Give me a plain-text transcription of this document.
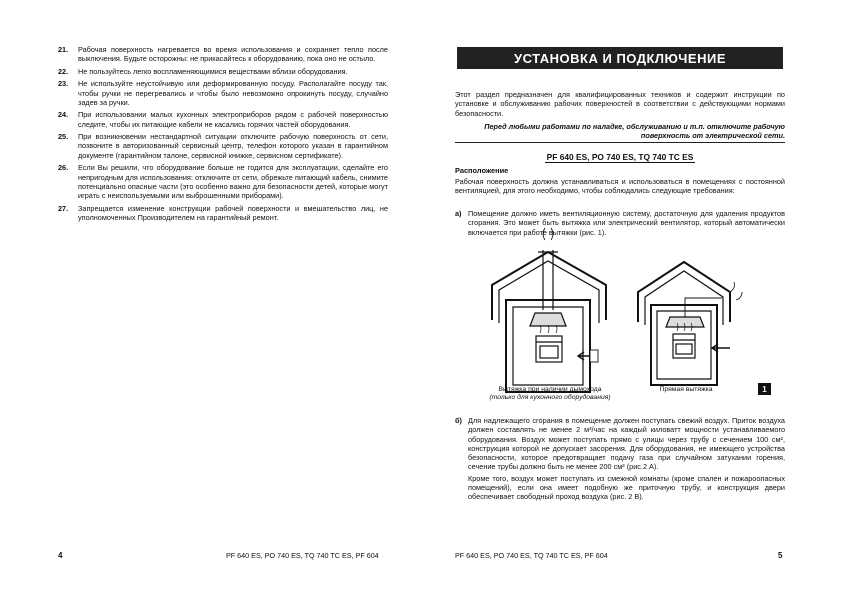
21. Рабочая поверхность нагревается во время использования и сохраняет тепло после выключения. Будьте осторожны: не прикасайтесь к оборудованию, пока оно не остыло.
22. Не пользуйтесь легко воспламеняющимися веществами вблизи оборудования.
23. Не используйте неустойчивую или деформированную посуду. Располагайте посуду так, чтобы ручки не перегревались и чтобы было невозможно опрокинуть посуду, случайно задев за ручки.
24. При использовании малых кухонных электроприборов рядом с рабочей поверхностью следите, чтобы их питающие кабели не касались горячих частей оборудования.
25. При возникновении нестандартной ситуации отключите рабочую поверхность от сети, позвоните в авторизованный сервисный центр, телефон которого указан в гарантийном документе (гарантийном талоне, сервисной книжке, сервисном сертификате).
26. Если Вы решили, что оборудование больше не годится для эксплуатации, сделайте его непригодным для использования: отключите от сети, обрежьте питающий кабель, снимите потенциально опасные части (это особенно важно для безопасности детей, которые могут играть с неиспользуемыми или выброшенными приборами).
27. Запрещается изменение конструкции рабочей поверхности и вмешательство лиц, не уполномоченных Производителем на гарантийный ремонт.
4	PF 640 ES, PO 740 ES, TQ 740 TC ES, PF 604
УСТАНОВКА И ПОДКЛЮЧЕНИЕ
Этот раздел предназначен для квалифицированных техников и содержит инструкции по установке и обслуживанию рабочих поверхностей в соответствии с действующими нормами безопасности.
Перед любыми работами по наладке, обслуживанию и т.п. отключите рабочую поверхность от электрической сети.
PF 640 ES, PO 740 ES, TQ 740 TC ES
Расположение
Рабочая поверхность должна устанавливаться и использоваться в помещениях с постоянной вентиляцией, для этого необходимо, чтобы соблюдались следующие требования:
а) Помещение должно иметь вентиляционную систему, достаточную для удаления продуктов сгорания. Это может быть вытяжка или электрический вентилятор, который автоматически включается при работе вытяжки (рис. 1).
б) Для надлежащего сгорания в помещение должен поступать свежий воздух. Приток воздуха должен составлять не менее 2 м³/час на каждый киловатт мощности устанавливаемого оборудования. Воздух может поступать прямо с улицы через трубу с сечением 100 см², конструкция которой не допускает засорения. Для оборудования, не имеющего устройства безопасности, которое предотвращает подачу газа при случайном затухании горения, сечение трубы должно быть не менее 200 см² (рис.2 А).
Кроме того, воздух может поступать из смежной комнаты (кроме спален и пожароопасных помещений), если она имеет подобную же приточную трубу, и конструкция двери обеспечивает свободный проход воздуха (рис. 2 В).
PF 640 ES, PO 740 ES, TQ 740 TC ES, PF 604	5
Вытяжка при наличии дымохода
(только для кухонного оборудования)
Прямая вытяжка	1
